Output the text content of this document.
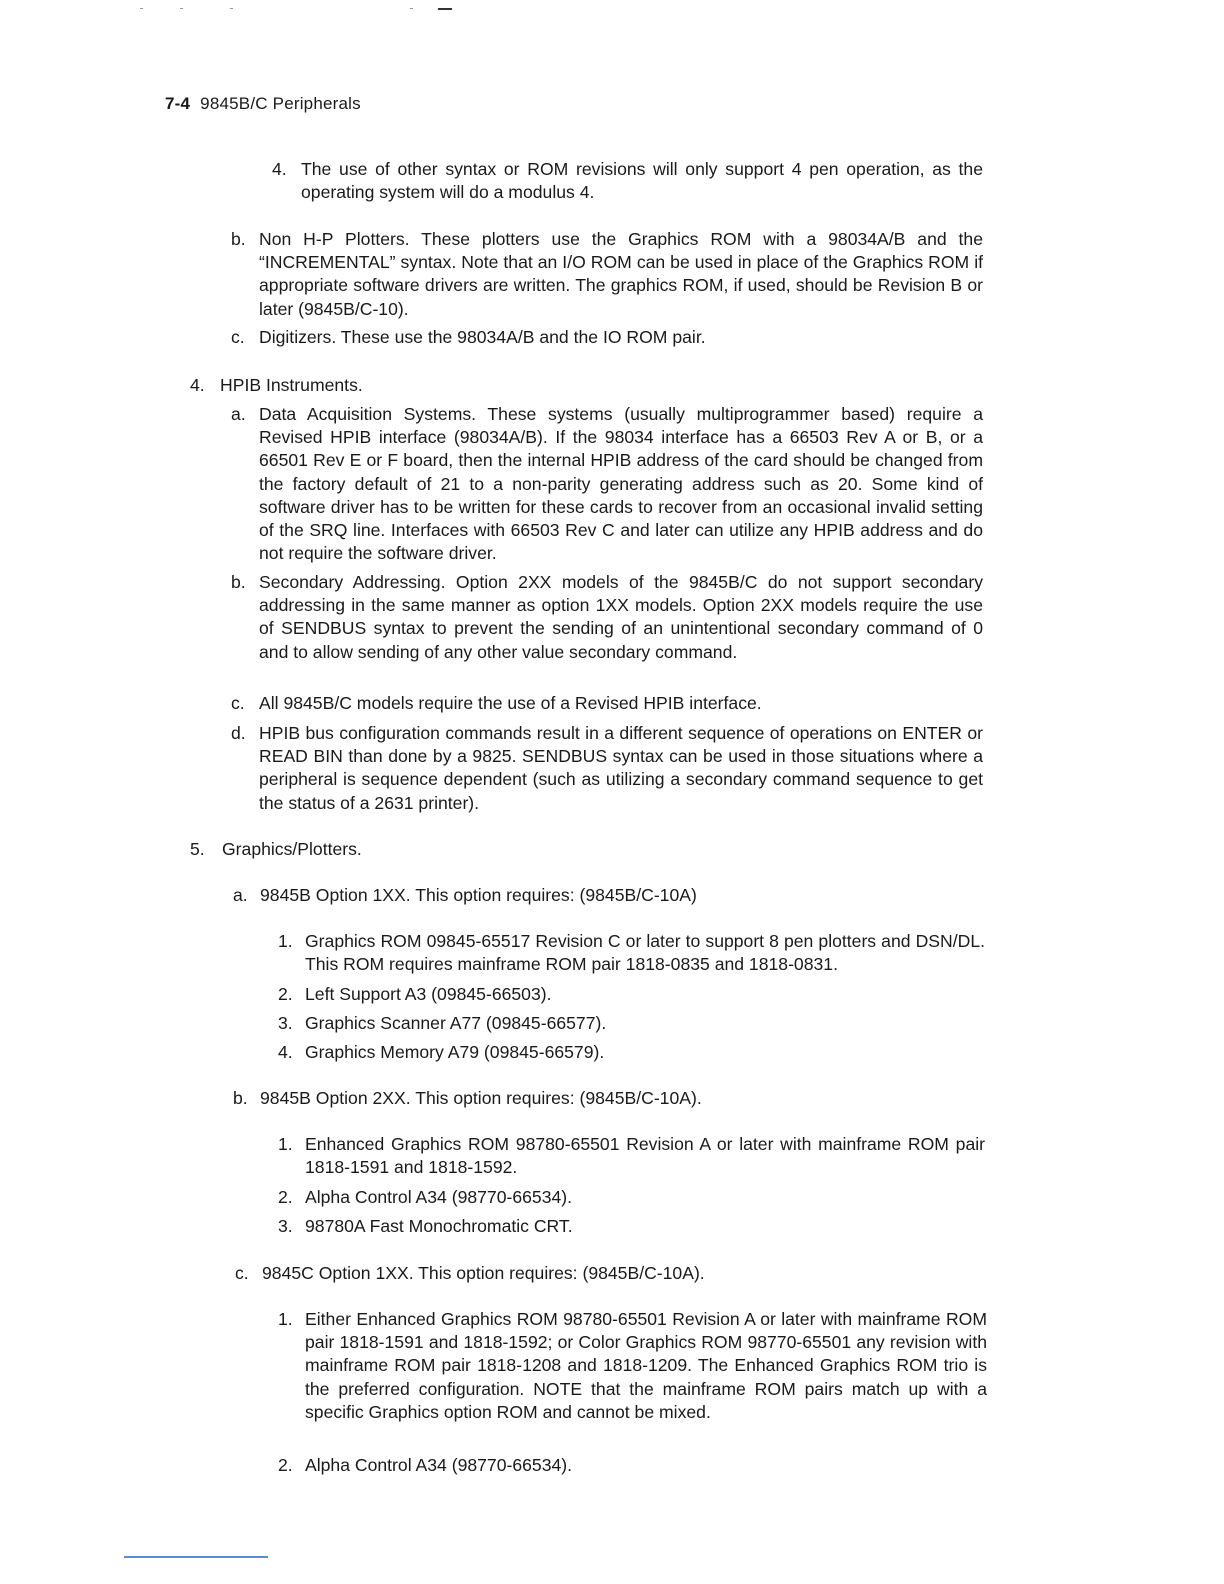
7-4 9845B/C Peripherals
4. The use of other syntax or ROM revisions will only support 4 pen operation, as the operating system will do a modulus 4.
b. Non H-P Plotters. These plotters use the Graphics ROM with a 98034A/B and the “INCREMENTAL” syntax. Note that an I/O ROM can be used in place of the Graphics ROM if appropriate software drivers are written. The graphics ROM, if used, should be Revision B or later (9845B/C-10).
c. Digitizers. These use the 98034A/B and the IO ROM pair.
4. HPIB Instruments.
a. Data Acquisition Systems. These systems (usually multiprogrammer based) require a Revised HPIB interface (98034A/B). If the 98034 interface has a 66503 Rev A or B, or a 66501 Rev E or F board, then the internal HPIB address of the card should be changed from the factory default of 21 to a non-parity generating address such as 20. Some kind of software driver has to be written for these cards to recover from an occasional invalid setting of the SRQ line. Interfaces with 66503 Rev C and later can utilize any HPIB address and do not require the software driver.
b. Secondary Addressing. Option 2XX models of the 9845B/C do not support secondary addressing in the same manner as option 1XX models. Option 2XX models require the use of SENDBUS syntax to prevent the sending of an unintentional secondary command of 0 and to allow sending of any other value secondary command.
c. All 9845B/C models require the use of a Revised HPIB interface.
d. HPIB bus configuration commands result in a different sequence of operations on ENTER or READ BIN than done by a 9825. SENDBUS syntax can be used in those situations where a peripheral is sequence dependent (such as utilizing a secondary command sequence to get the status of a 2631 printer).
5. Graphics/Plotters.
a. 9845B Option 1XX. This option requires: (9845B/C-10A)
1. Graphics ROM 09845-65517 Revision C or later to support 8 pen plotters and DSN/DL. This ROM requires mainframe ROM pair 1818-0835 and 1818-0831.
2. Left Support A3 (09845-66503).
3. Graphics Scanner A77 (09845-66577).
4. Graphics Memory A79 (09845-66579).
b. 9845B Option 2XX. This option requires: (9845B/C-10A).
1. Enhanced Graphics ROM 98780-65501 Revision A or later with mainframe ROM pair 1818-1591 and 1818-1592.
2. Alpha Control A34 (98770-66534).
3. 98780A Fast Monochromatic CRT.
c. 9845C Option 1XX. This option requires: (9845B/C-10A).
1. Either Enhanced Graphics ROM 98780-65501 Revision A or later with mainframe ROM pair 1818-1591 and 1818-1592; or Color Graphics ROM 98770-65501 any revision with mainframe ROM pair 1818-1208 and 1818-1209. The Enhanced Graphics ROM trio is the preferred configuration. NOTE that the mainframe ROM pairs match up with a specific Graphics option ROM and cannot be mixed.
2. Alpha Control A34 (98770-66534).
